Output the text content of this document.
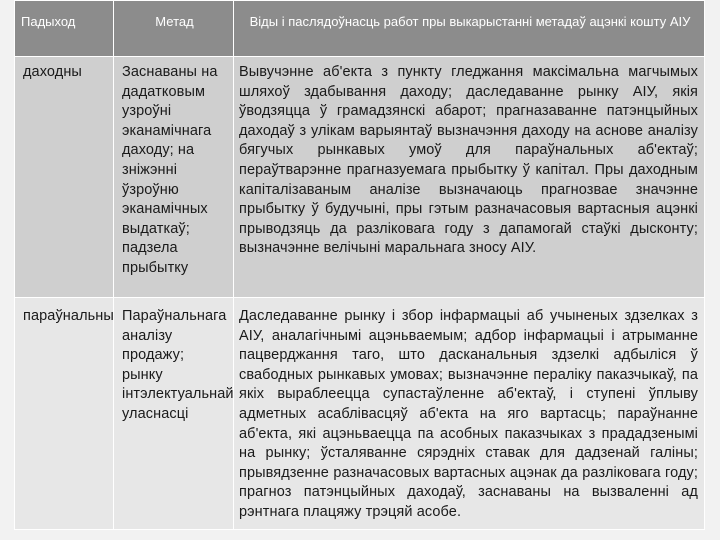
Падыход	Метад	Віды і паслядоўнасць работ пры выкарыстанні метадаў ацэнкі кошту АІУ
даходны	Заснаваны на дадатковым узроўні эканамічнага даходу; на зніжэнні ўзроўню эканамічных выдаткаў; падзела прыбытку	Вывучэнне аб'екта з пункту гледжання максімальна магчымых шляхоў здабывання даходу; даследаванне рынку АІУ, якія ўводзяцца ў грамадзянскі абарот; прагназаванне патэнцыйных даходаў з улікам варыянтаў вызначэння даходу на аснове аналізу бягучых рынкавых умоў для параўнальных аб'ектаў; пераўтварэнне прагназуемага прыбытку ў капітал. Пры даходным капіталізаваным аналізе вызначаюць прагнозвае значэнне прыбытку ў будучыні, пры гэтым разначасовыя вартасныя ацэнкі прыводзяць да разліковага году з дапамогай стаўкі дысконту; вызначэнне велічыні маральнага зносу АІУ.
параўнальны	Параўнальнага аналізу продажу; рынку інтэлектуальнай уласнасці	Даследаванне рынку і збор інфармацыі аб учыненых здзелках з АІУ, аналагічнымі ацэньваемым; адбор інфармацыі і атрыманне пацверджання таго, што дасканальныя здзелкі адбыліся ў свабодных рынкавых умовах; вызначэнне пераліку паказчыкаў, па якіх выраблеецца супастаўленне аб'ектаў, і ступені ўплыву адметных асаблівасцяў аб'екта на яго вартасць; параўнанне аб'екта, які ацэньваецца па асобных паказчыках з прададзенымі на рынку; ўсталяванне сярэдніх ставак для дадзенай галіны; прывядзенне разначасовых вартасных ацэнак да разліковага году; прагноз патэнцыйных даходаў, заснаваны на вызваленні ад рэнтнага плацяжу трэцяй асобе.
